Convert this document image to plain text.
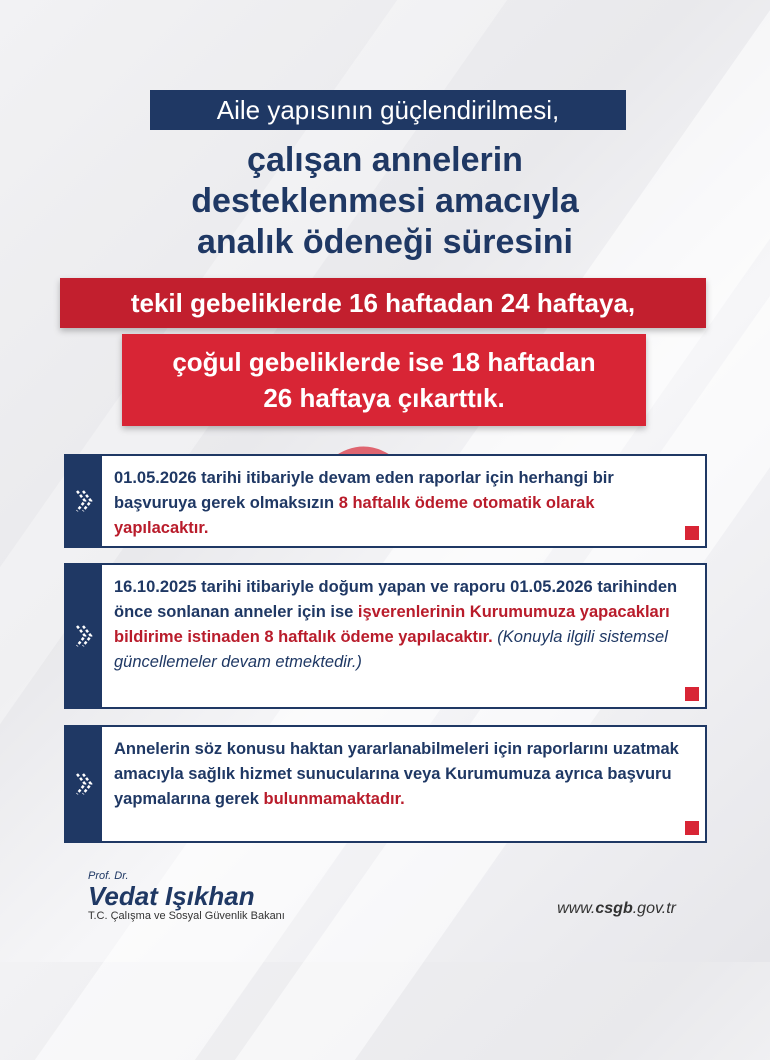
Aile yapısının güçlendirilmesi,
çalışan annelerin
desteklenmesi amacıyla
analık ödeneği süresini
tekil gebeliklerde 16 haftadan 24 haftaya,
çoğul gebeliklerde ise 18 haftadan
26 haftaya çıkarttık.
01.05.2026 tarihi itibariyle devam eden raporlar için herhangi bir başvuruya gerek olmaksızın 8 haftalık ödeme otomatik olarak yapılacaktır.
16.10.2025 tarihi itibariyle doğum yapan ve raporu 01.05.2026 tarihinden önce sonlanan anneler için ise işverenlerinin Kurumumuza yapacakları bildirime istinaden 8 haftalık ödeme yapılacaktır. (Konuyla ilgili sistemsel güncellemeler devam etmektedir.)
Annelerin söz konusu haktan yararlanabilmeleri için raporlarını uzatmak amacıyla sağlık hizmet sunucularına veya Kurumumuza ayrıca başvuru yapmalarına gerek bulunmamaktadır.
Prof. Dr.
Vedat Işıkhan
T.C. Çalışma ve Sosyal Güvenlik Bakanı	www.csgb.gov.tr
